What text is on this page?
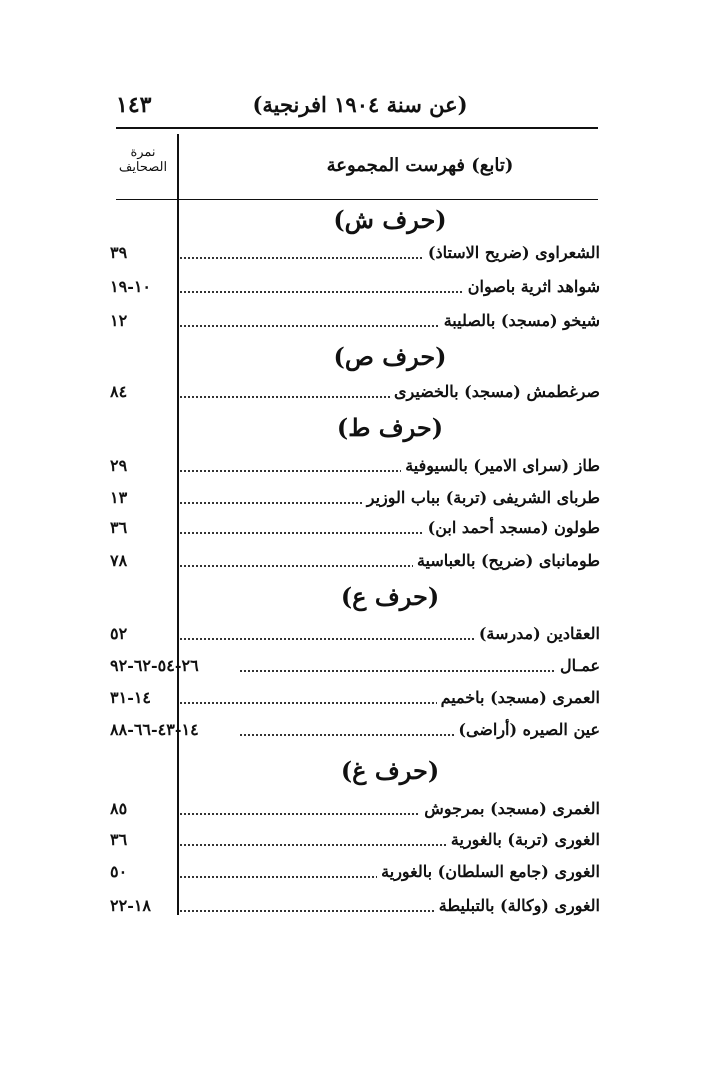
(عن سنة ١٩٠٤ افرنجية)
١٤٣
نمرة
الصحايف	(تابع) فهرست المجموعة
(حرف ش)
الشعراوى (ضريح الاستاذ)
٣٩
شواهد اثرية باصوان
١٠-١٩
شيخو (مسجد) بالصليبة
١٢
(حرف ص)
صرغطمش (مسجد) بالخضيرى
٨٤
(حرف ط)
طاز (سراى الامير) بالسيوفية
٢٩
طرباى الشريفى (تربة) بباب الوزير
١٣
طولون (مسجد أحمد ابن)
٣٦
طومانباى (ضريح) بالعباسية
٧٨
(حرف ع)
العقادين (مدرسة)
٥٢
عمـال
٢٦-٥٤-٦٢-٩٢
العمرى (مسجد) باخميم
١٤-٣١
عين الصيره (أراضى)
١٤-٤٣-٦٦-٨٨
(حرف غ)
الغمرى (مسجد) بمرجوش
٨٥
الغورى (تربة) بالغورية
٣٦
الغورى (جامع السلطان) بالغورية
٥٠
الغورى (وكالة) بالتبليطة
١٨-٢٢
